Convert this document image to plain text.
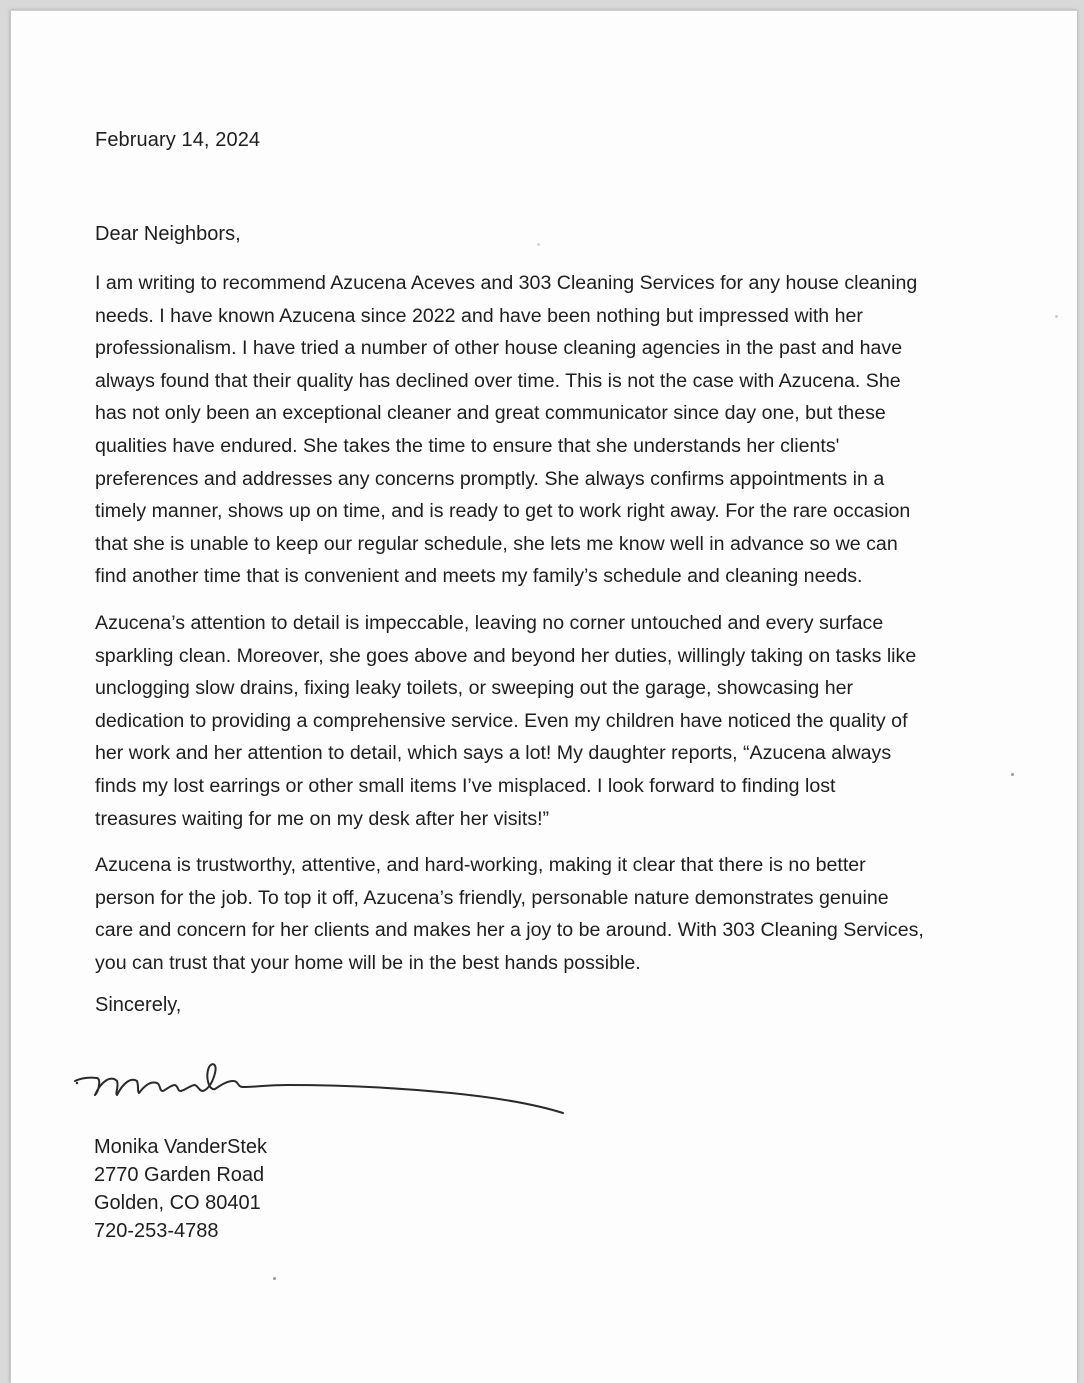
February 14, 2024
Dear Neighbors,

I am writing to recommend Azucena Aceves and 303 Cleaning Services for any house cleaning
needs. I have known Azucena since 2022 and have been nothing but impressed with her
professionalism. I have tried a number of other house cleaning agencies in the past and have
always found that their quality has declined over time. This is not the case with Azucena. She
has not only been an exceptional cleaner and great communicator since day one, but these
qualities have endured. She takes the time to ensure that she understands her clients'
preferences and addresses any concerns promptly. She always confirms appointments in a
timely manner, shows up on time, and is ready to get to work right away. For the rare occasion
that she is unable to keep our regular schedule, she lets me know well in advance so we can
find another time that is convenient and meets my family’s schedule and cleaning needs.

Azucena’s attention to detail is impeccable, leaving no corner untouched and every surface
sparkling clean. Moreover, she goes above and beyond her duties, willingly taking on tasks like
unclogging slow drains, fixing leaky toilets, or sweeping out the garage, showcasing her
dedication to providing a comprehensive service. Even my children have noticed the quality of
her work and her attention to detail, which says a lot! My daughter reports, “Azucena always
finds my lost earrings or other small items I’ve misplaced. I look forward to finding lost
treasures waiting for me on my desk after her visits!”

Azucena is trustworthy, attentive, and hard-working, making it clear that there is no better
person for the job. To top it off, Azucena’s friendly, personable nature demonstrates genuine
care and concern for her clients and makes her a joy to be around. With 303 Cleaning Services,
you can trust that your home will be in the best hands possible.

Sincerely,
Monika VanderStek
2770 Garden Road
Golden, CO 80401
720-253-4788
